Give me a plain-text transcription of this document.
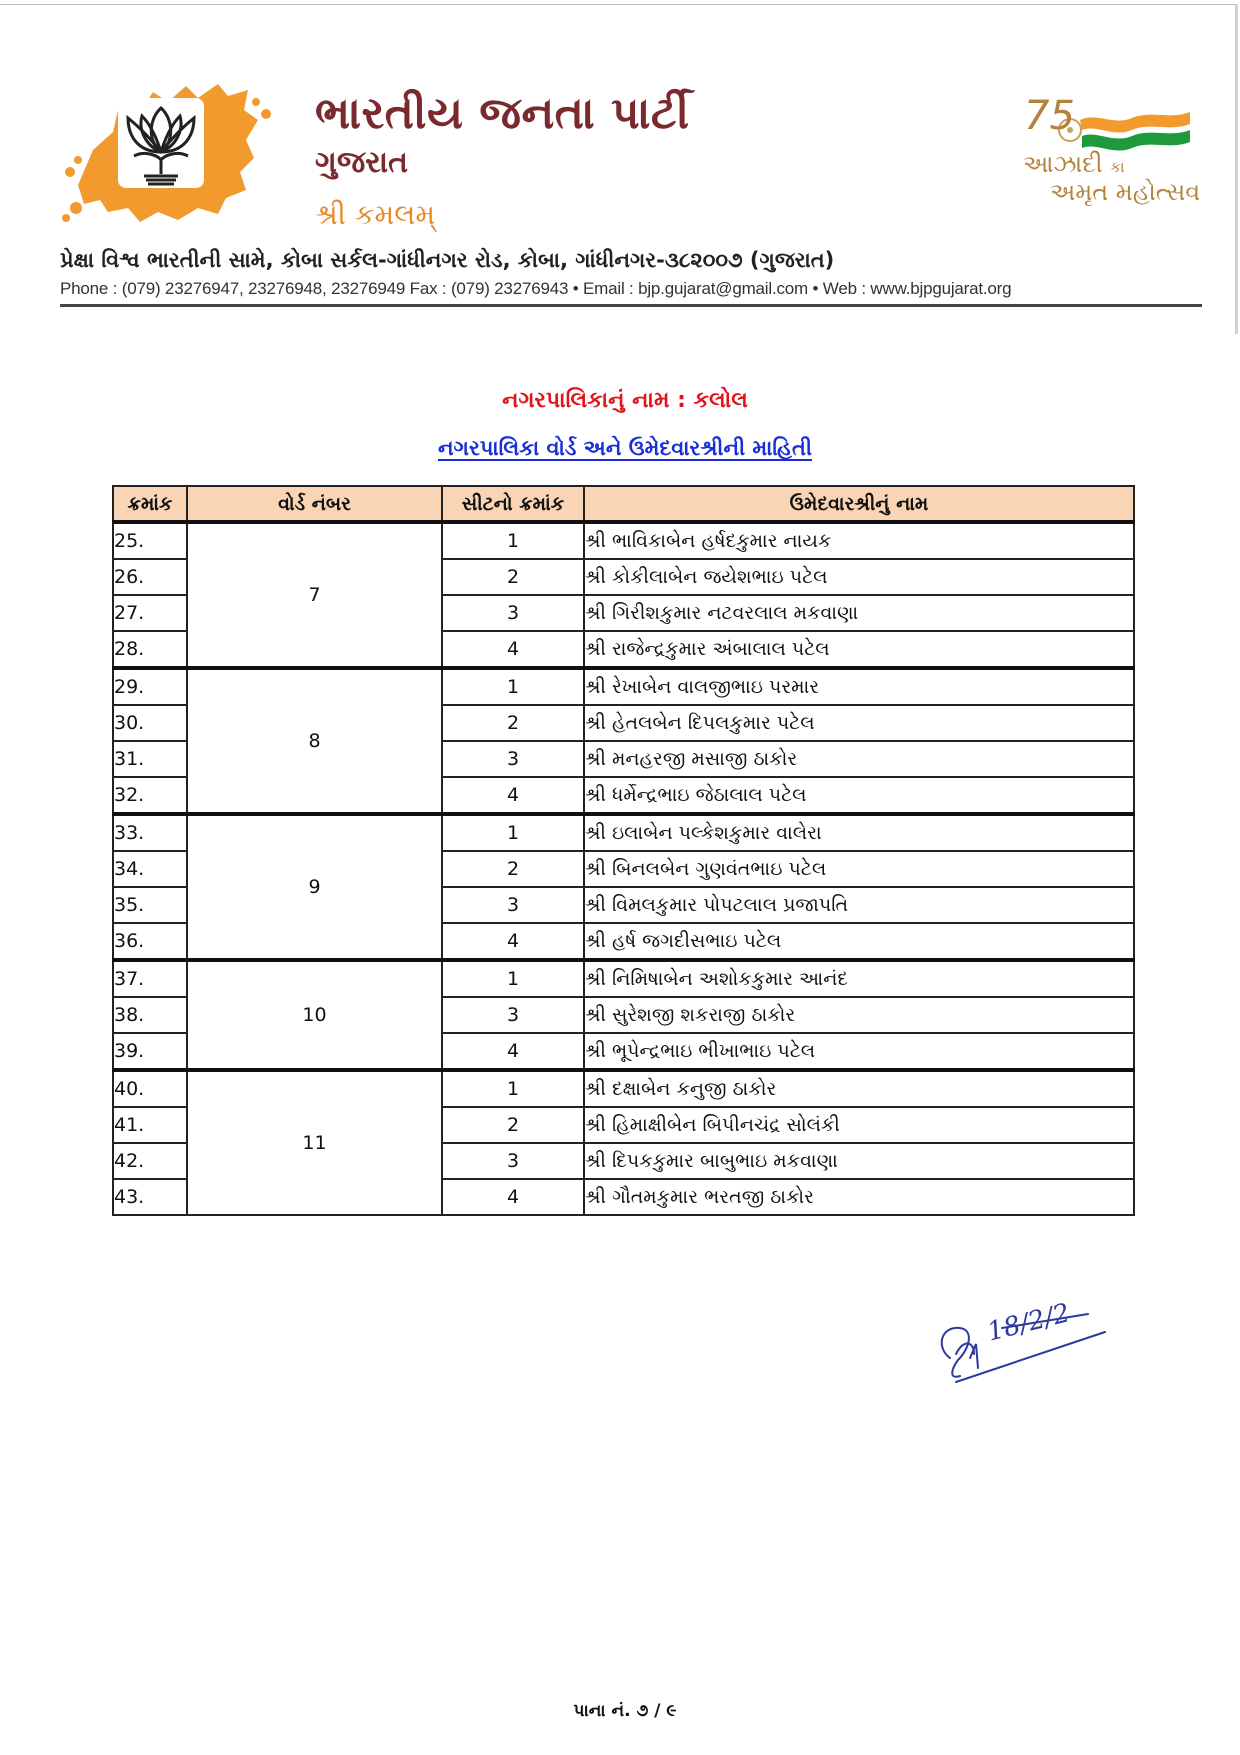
ભારતીય જનતા પાર્ટી
ગુજરાત
શ્રી કમલમ્
75
આઝાદી કા
અમૃત મહોત્સવ
પ્રેક્ષા વિશ્વ ભારતીની સામે, કોબા સર્કલ-ગાંધીનગર રોડ, કોબા, ગાંધીનગર-૩૮૨૦૦૭ (ગુજરાત)
Phone : (079) 23276947, 23276948, 23276949 Fax : (079) 23276943 • Email : bjp.gujarat@gmail.com • Web : www.bjpgujarat.org
નગરપાલિકાનું નામ : કલોલ
નગરપાલિકા વોર્ડ અને ઉમેદવારશ્રીની માહિતી
ક્રમાંક	વોર્ડ નંબર	સીટનો ક્રમાંક	ઉમેદવારશ્રીનું નામ
25.	7	1	શ્રી ભાવિકાબેન હર્ષદકુમાર નાયક
26.		2	શ્રી કોકીલાબેન જયેશભાઇ પટેલ
27.		3	શ્રી ગિરીશકુમાર નટવરલાલ મકવાણા
28.		4	શ્રી રાજેન્દ્રકુમાર અંબાલાલ પટેલ
29.	8	1	શ્રી રેખાબેન વાલજીભાઇ પરમાર
30.		2	શ્રી હેતલબેન દિપલકુમાર પટેલ
31.		3	શ્રી મનહરજી મસાજી ઠાકોર
32.		4	શ્રી ધર્મેન્દ્રભાઇ જેઠાલાલ પટેલ
33.	9	1	શ્રી ઇલાબેન પલ્કેશકુમાર વાલેરા
34.		2	શ્રી બિનલબેન ગુણવંતભાઇ પટેલ
35.		3	શ્રી વિમલકુમાર પોપટલાલ પ્રજાપતિ
36.		4	શ્રી હર્ષ જગદીસભાઇ પટેલ
37.	10	1	શ્રી નિમિષાબેન અશોકકુમાર આનંદ
38.		3	શ્રી સુરેશજી શકરાજી ઠાકોર
39.		4	શ્રી ભૂપેન્દ્રભાઇ ભીખાભાઇ પટેલ
40.	11	1	શ્રી દક્ષાબેન કનુજી ઠાકોર
41.		2	શ્રી હિમાક્ષીબેન બિપીનચંદ્ર સોલંકી
42.		3	શ્રી દિપકકુમાર બાબુભાઇ મકવાણા
43.		4	શ્રી ગૌતમકુમાર ભરતજી ઠાકોર
18/2/2
પાના નં. ૭ / ૯
